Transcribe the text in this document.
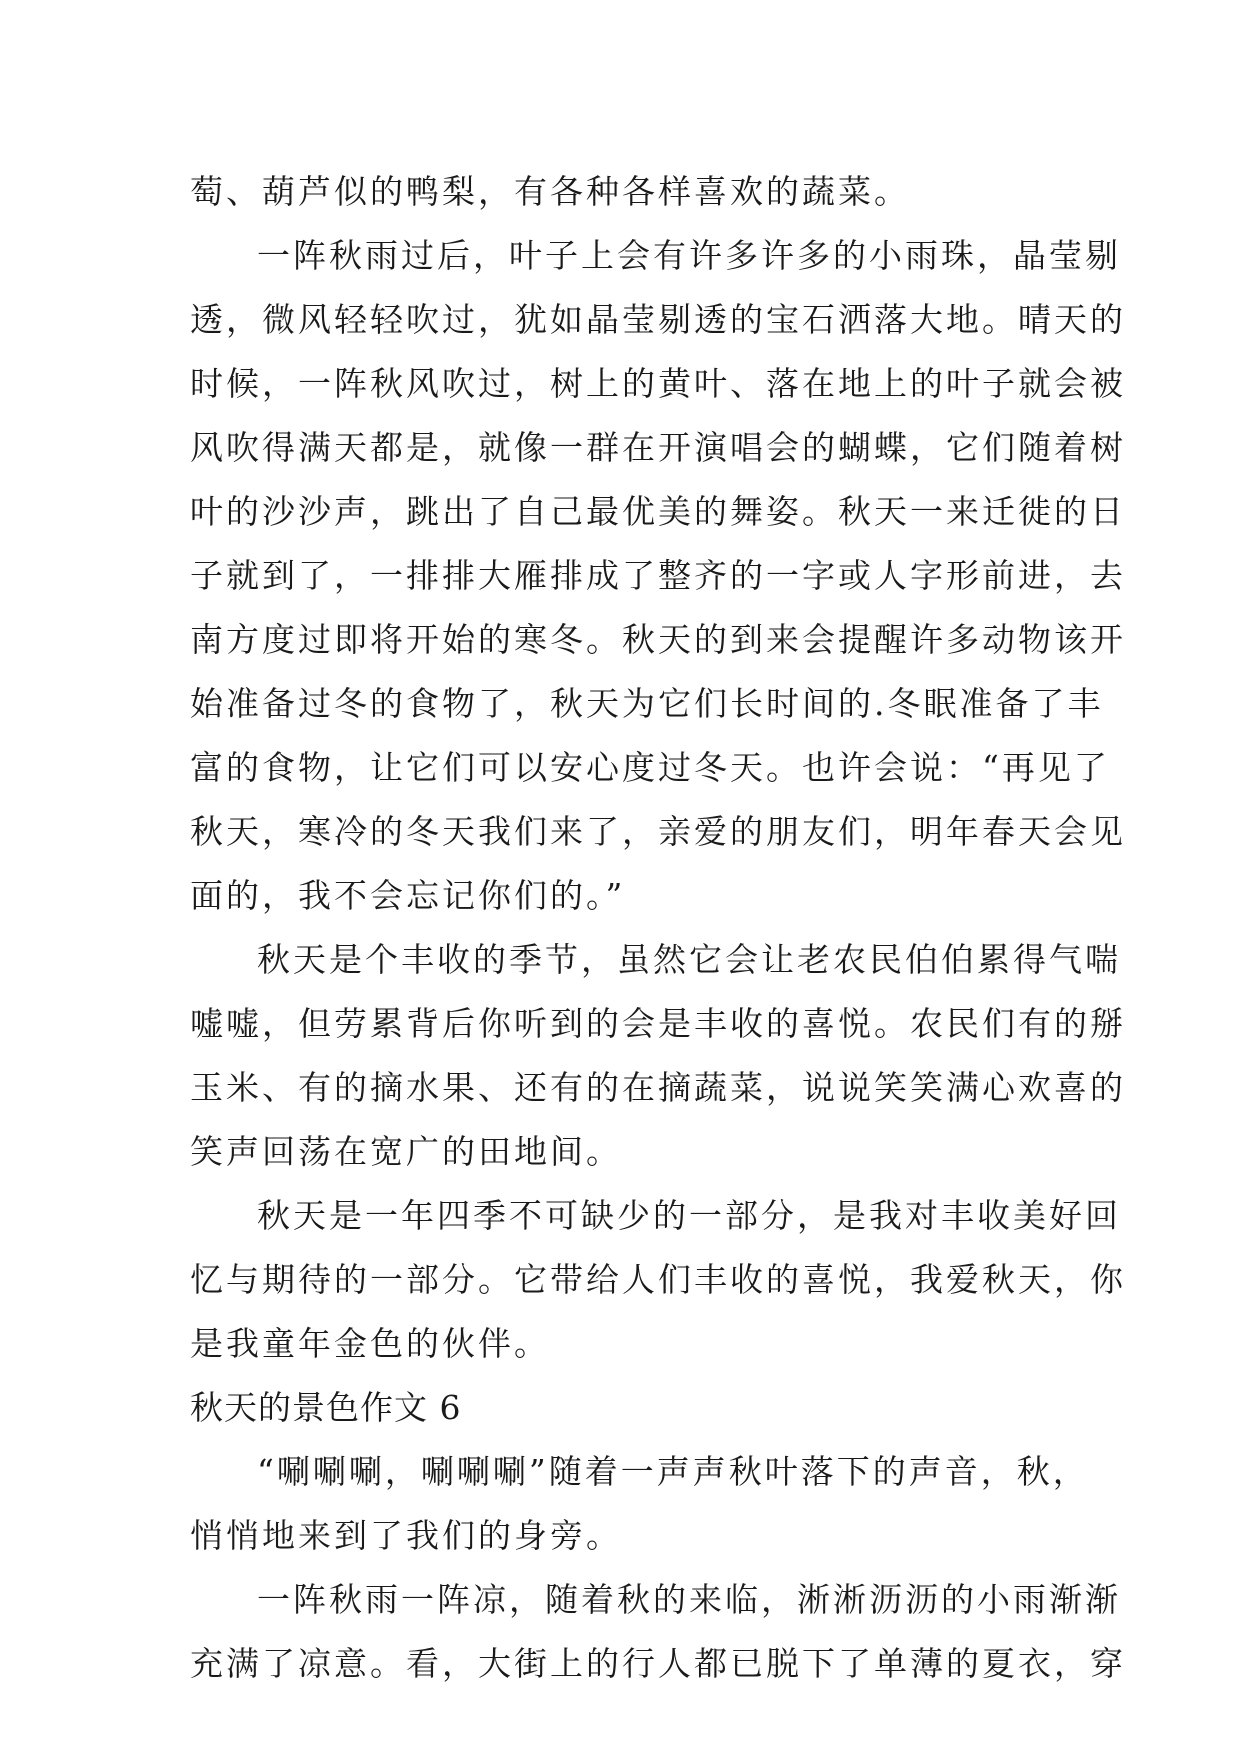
萄、葫芦似的鸭梨，有各种各样喜欢的蔬菜。
一阵秋雨过后，叶子上会有许多许多的小雨珠，晶莹剔
透，微风轻轻吹过，犹如晶莹剔透的宝石洒落大地。晴天的
时候，一阵秋风吹过，树上的黄叶、落在地上的叶子就会被
风吹得满天都是，就像一群在开演唱会的蝴蝶，它们随着树
叶的沙沙声，跳出了自己最优美的舞姿。秋天一来迁徙的日
子就到了，一排排大雁排成了整齐的一字或人字形前进，去
南方度过即将开始的寒冬。秋天的到来会提醒许多动物该开
始准备过冬的食物了，秋天为它们长时间的.冬眠准备了丰
富的食物，让它们可以安心度过冬天。也许会说：“再见了
秋天，寒冷的冬天我们来了，亲爱的朋友们，明年春天会见
面的，我不会忘记你们的。”
秋天是个丰收的季节，虽然它会让老农民伯伯累得气喘
嘘嘘，但劳累背后你听到的会是丰收的喜悦。农民们有的掰
玉米、有的摘水果、还有的在摘蔬菜，说说笑笑满心欢喜的
笑声回荡在宽广的田地间。
秋天是一年四季不可缺少的一部分，是我对丰收美好回
忆与期待的一部分。它带给人们丰收的喜悦，我爱秋天，你
是我童年金色的伙伴。
秋天的景色作文 6
“唰唰唰，唰唰唰”随着一声声秋叶落下的声音，秋，
悄悄地来到了我们的身旁。
一阵秋雨一阵凉，随着秋的来临，淅淅沥沥的小雨渐渐
充满了凉意。看，大街上的行人都已脱下了单薄的夏衣，穿
